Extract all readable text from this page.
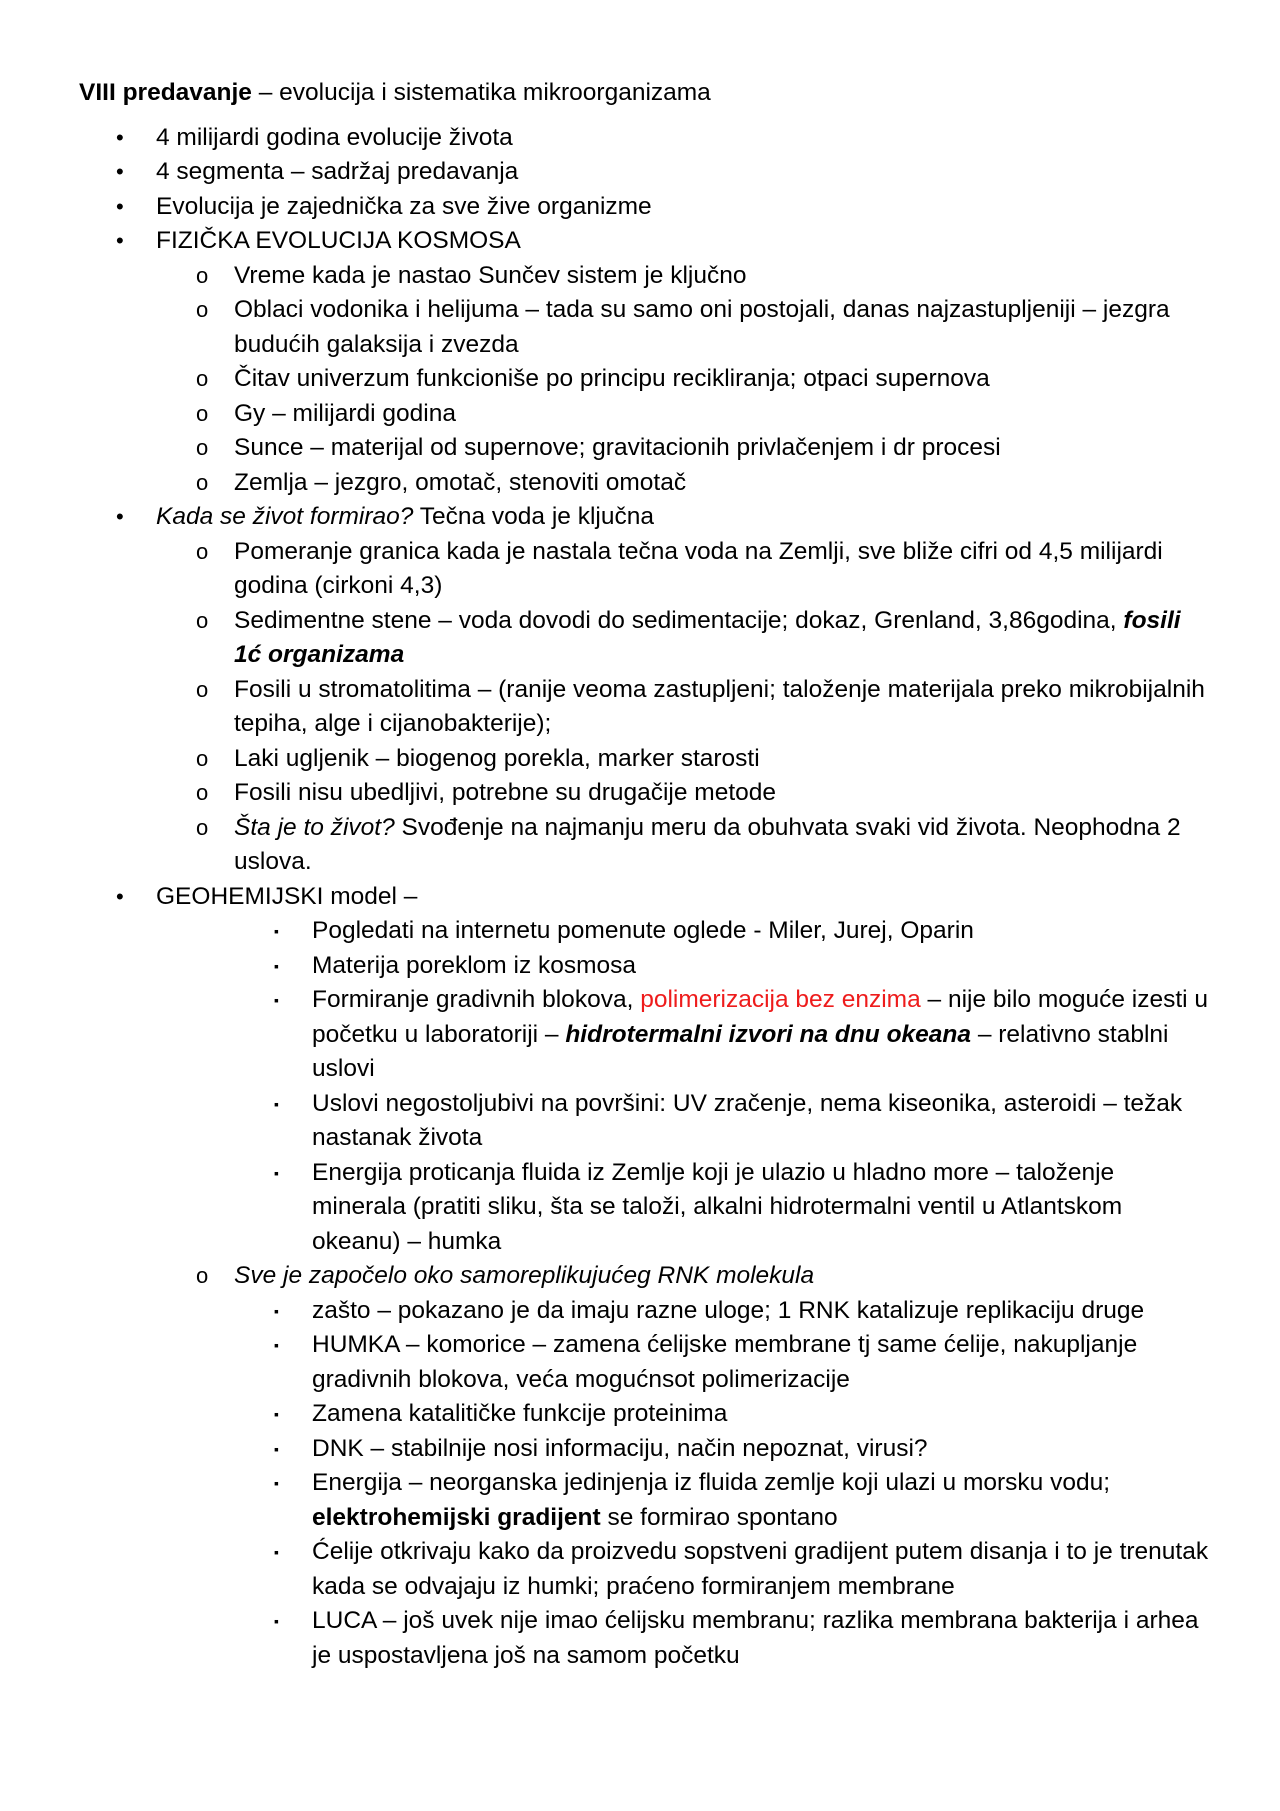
VIII predavanje – evolucija i sistematika mikroorganizama
• 4 milijardi godina evolucije života
• 4 segmenta – sadržaj predavanja
• Evolucija je zajednička za sve žive organizme
• FIZIČKA EVOLUCIJA KOSMOSA
o Vreme kada je nastao Sunčev sistem je ključno
o Oblaci vodonika i helijuma – tada su samo oni postojali, danas najzastupljeniji – jezgra budućih galaksija i zvezda
o Čitav univerzum funkcioniše po principu recikliranja; otpaci supernova
o Gy – milijardi godina
o Sunce – materijal od supernove; gravitacionih privlačenjem i dr procesi
o Zemlja – jezgro, omotač, stenoviti omotač
• Kada se život formirao? Tečna voda je ključna
o Pomeranje granica kada je nastala tečna voda na Zemlji, sve bliže cifri od 4,5 milijardi godina (cirkoni 4,3)
o Sedimentne stene – voda dovodi do sedimentacije; dokaz, Grenland, 3,86godina, fosili 1ć organizama
o Fosili u stromatolitima – (ranije veoma zastupljeni; taloženje materijala preko mikrobijalnih tepiha, alge i cijanobakterije);
o Laki ugljenik – biogenog porekla, marker starosti
o Fosili nisu ubedljivi, potrebne su drugačije metode
o Šta je to život? Svođenje na najmanju meru da obuhvata svaki vid života. Neophodna 2 uslova.
• GEOHEMIJSKI model –
▪ Pogledati na internetu pomenute oglede - Miler, Jurej, Oparin
▪ Materija poreklom iz kosmosa
▪ Formiranje gradivnih blokova, polimerizacija bez enzima – nije bilo moguće izesti u početku u laboratoriji – hidrotermalni izvori na dnu okeana – relativno stablni uslovi
▪ Uslovi negostoljubivi na površini: UV zračenje, nema kiseonika, asteroidi – težak nastanak života
▪ Energija proticanja fluida iz Zemlje koji je ulazio u hladno more – taloženje minerala (pratiti sliku, šta se taloži, alkalni hidrotermalni ventil u Atlantskom okeanu) – humka
o Sve je započelo oko samoreplikujućeg RNK molekula
▪ zašto – pokazano je da imaju razne uloge; 1 RNK katalizuje replikaciju druge
▪ HUMKA – komorice – zamena ćelijske membrane tj same ćelije, nakupljanje gradivnih blokova, veća mogućnsot polimerizacije
▪ Zamena katalitičke funkcije proteinima
▪ DNK – stabilnije nosi informaciju, način nepoznat, virusi?
▪ Energija – neorganska jedinjenja iz fluida zemlje koji ulazi u morsku vodu; elektrohemijski gradijent se formirao spontano
▪ Ćelije otkrivaju kako da proizvedu sopstveni gradijent putem disanja i to je trenutak kada se odvajaju iz humki; praćeno formiranjem membrane
▪ LUCA – još uvek nije imao ćelijsku membranu; razlika membrana bakterija i arhea je uspostavljena još na samom početku
